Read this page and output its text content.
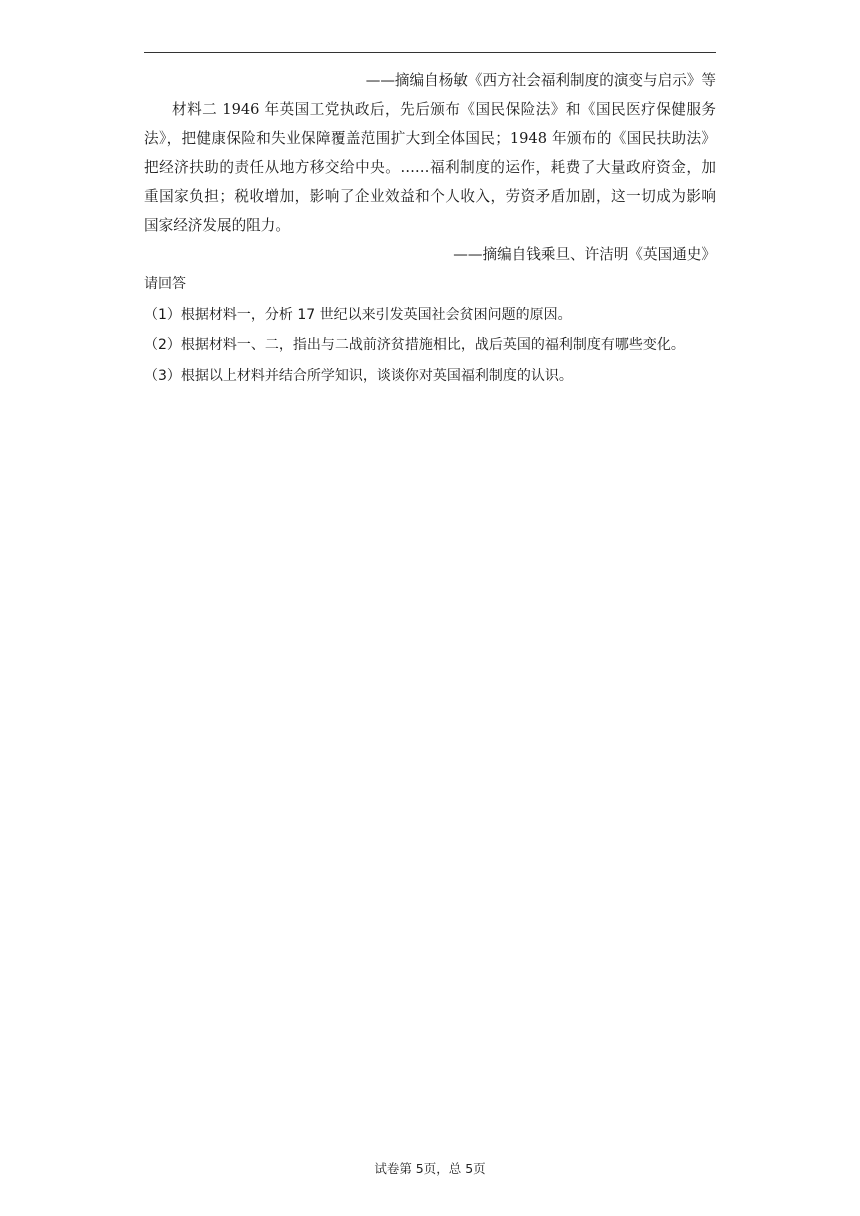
——摘编自杨敏《西方社会福利制度的演变与启示》等
材料二 1946 年英国工党执政后，先后颁布《国民保险法》和《国民医疗保健服务
法》，把健康保险和失业保障覆盖范围扩大到全体国民；1948 年颁布的《国民扶助法》
把经济扶助的责任从地方移交给中央。……福利制度的运作，耗费了大量政府资金，加
重国家负担；税收增加，影响了企业效益和个人收入，劳资矛盾加剧，这一切成为影响
国家经济发展的阻力。
——摘编自钱乘旦、许洁明《英国通史》
请回答
（1）根据材料一，分析 17 世纪以来引发英国社会贫困问题的原因。
（2）根据材料一、二，指出与二战前济贫措施相比，战后英国的福利制度有哪些变化。
（3）根据以上材料并结合所学知识，谈谈你对英国福利制度的认识。
试卷第 5页，总 5页
